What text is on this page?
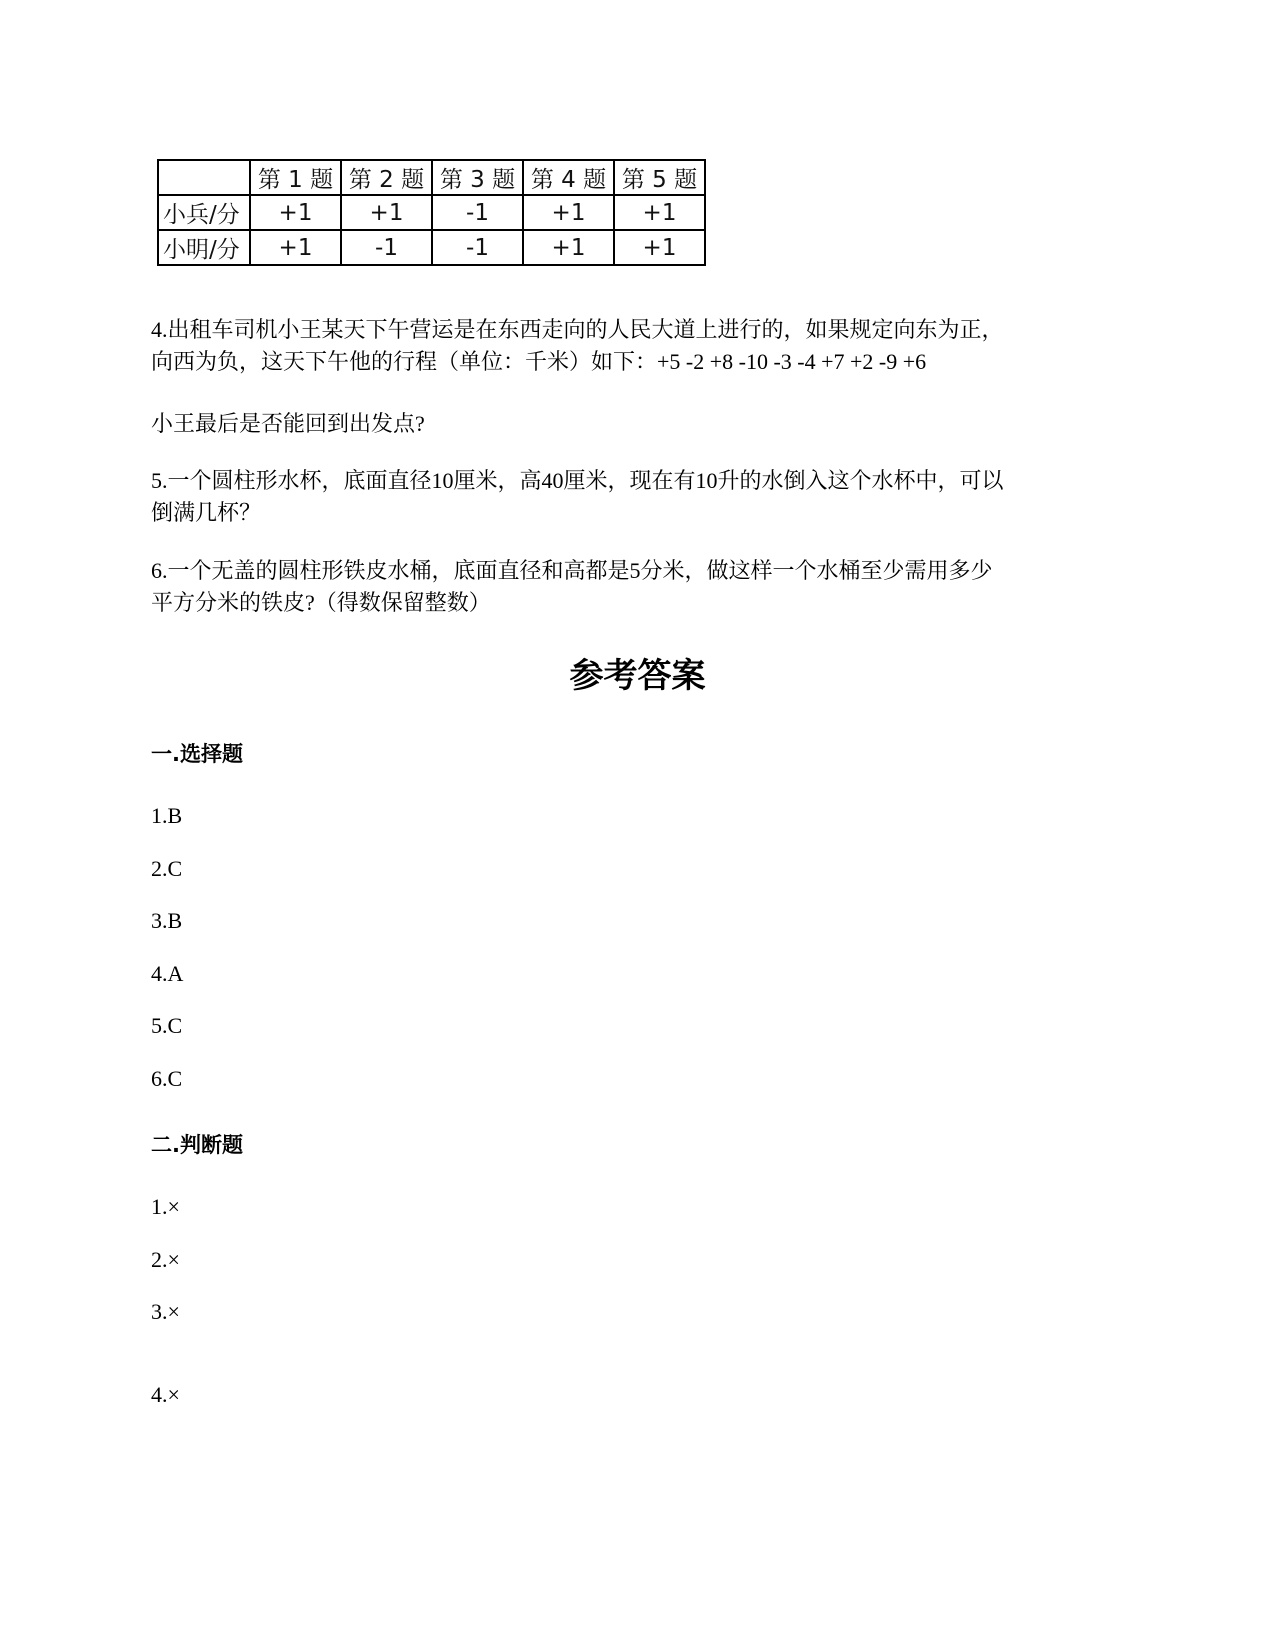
	第 1 题	第 2 题	第 3 题	第 4 题	第 5 题
小兵/分	+1	+1	-1	+1	+1
小明/分	+1	-1	-1	+1	+1

4.出租车司机小王某天下午营运是在东西走向的人民大道上进行的，如果规定向东为正，
向西为负，这天下午他的行程（单位：千米）如下：+5 -2 +8 -10 -3 -4 +7 +2 -9 +6

小王最后是否能回到出发点?

5.一个圆柱形水杯，底面直径10厘米，高40厘米，现在有10升的水倒入这个水杯中，可以
倒满几杯？

6.一个无盖的圆柱形铁皮水桶，底面直径和高都是5分米，做这样一个水桶至少需用多少
平方分米的铁皮?（得数保留整数）

参考答案
一.选择题
1.B
2.C
3.B
4.A
5.C
6.C
二.判断题
1.×
2.×
3.×
4.×
